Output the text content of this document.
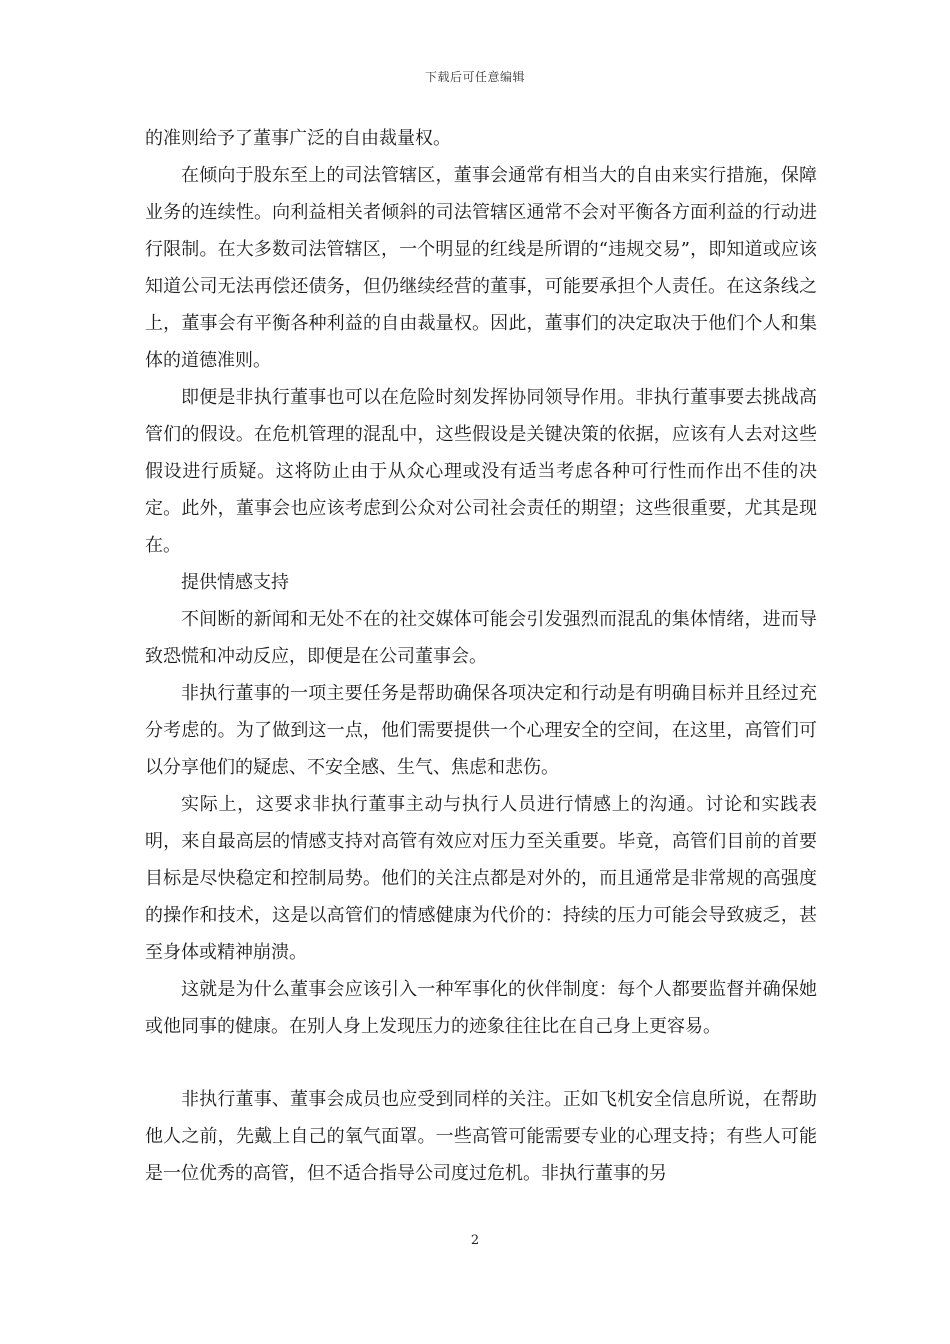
下载后可任意编辑

的准则给予了董事广泛的自由裁量权。

在倾向于股东至上的司法管辖区，董事会通常有相当大的自由来实行措施，保障业务的连续性。向利益相关者倾斜的司法管辖区通常不会对平衡各方面利益的行动进行限制。在大多数司法管辖区，一个明显的红线是所谓的“违规交易”，即知道或应该知道公司无法再偿还债务，但仍继续经营的董事，可能要承担个人责任。在这条线之上，董事会有平衡各种利益的自由裁量权。因此，董事们的决定取决于他们个人和集体的道德准则。

即便是非执行董事也可以在危险时刻发挥协同领导作用。非执行董事要去挑战高管们的假设。在危机管理的混乱中，这些假设是关键决策的依据，应该有人去对这些假设进行质疑。这将防止由于从众心理或没有适当考虑各种可行性而作出不佳的决定。此外，董事会也应该考虑到公众对公司社会责任的期望；这些很重要，尤其是现在。

提供情感支持

不间断的新闻和无处不在的社交媒体可能会引发强烈而混乱的集体情绪，进而导致恐慌和冲动反应，即便是在公司董事会。

非执行董事的一项主要任务是帮助确保各项决定和行动是有明确目标并且经过充分考虑的。为了做到这一点，他们需要提供一个心理安全的空间，在这里，高管们可以分享他们的疑虑、不安全感、生气、焦虑和悲伤。

实际上，这要求非执行董事主动与执行人员进行情感上的沟通。讨论和实践表明，来自最高层的情感支持对高管有效应对压力至关重要。毕竟，高管们目前的首要目标是尽快稳定和控制局势。他们的关注点都是对外的，而且通常是非常规的高强度的操作和技术，这是以高管们的情感健康为代价的：持续的压力可能会导致疲乏，甚至身体或精神崩溃。

这就是为什么董事会应该引入一种军事化的伙伴制度：每个人都要监督并确保她或他同事的健康。在别人身上发现压力的迹象往往比在自己身上更容易。

非执行董事、董事会成员也应受到同样的关注。正如飞机安全信息所说，在帮助他人之前，先戴上自己的氧气面罩。一些高管可能需要专业的心理支持；有些人可能是一位优秀的高管，但不适合指导公司度过危机。非执行董事的另

2
